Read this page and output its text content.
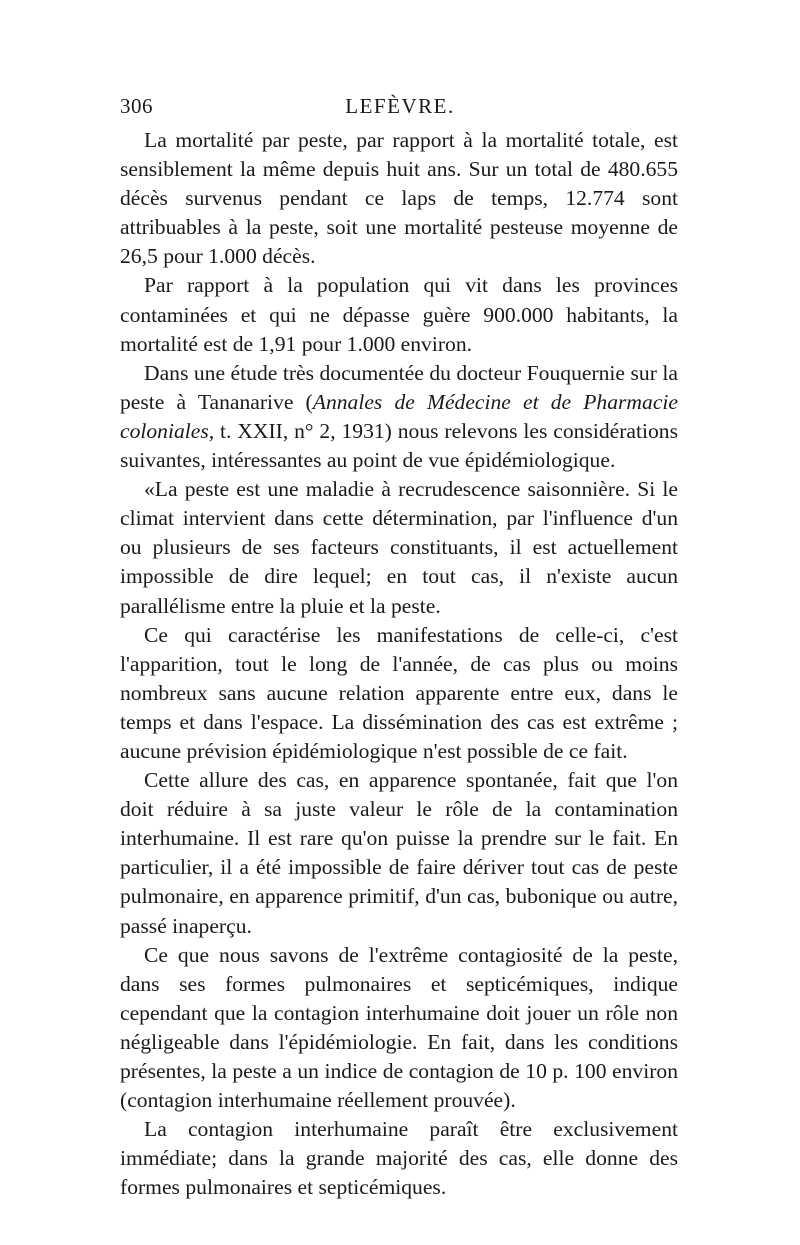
306	LEFÈVRE.

La mortalité par peste, par rapport à la mortalité totale, est sensiblement la même depuis huit ans. Sur un total de 480.655 décès survenus pendant ce laps de temps, 12.774 sont attribuables à la peste, soit une mortalité pesteuse moyenne de 26,5 pour 1.000 décès.

Par rapport à la population qui vit dans les provinces contaminées et qui ne dépasse guère 900.000 habitants, la mortalité est de 1,91 pour 1.000 environ.

Dans une étude très documentée du docteur Fouquernie sur la peste à Tananarive (Annales de Médecine et de Pharmacie coloniales, t. XXII, n° 2, 1931) nous relevons les considérations suivantes, intéressantes au point de vue épidémiologique.

«La peste est une maladie à recrudescence saisonnière. Si le climat intervient dans cette détermination, par l'influence d'un ou plusieurs de ses facteurs constituants, il est actuellement impossible de dire lequel; en tout cas, il n'existe aucun parallélisme entre la pluie et la peste.

Ce qui caractérise les manifestations de celle-ci, c'est l'apparition, tout le long de l'année, de cas plus ou moins nombreux sans aucune relation apparente entre eux, dans le temps et dans l'espace. La dissémination des cas est extrême ; aucune prévision épidémiologique n'est possible de ce fait.

Cette allure des cas, en apparence spontanée, fait que l'on doit réduire à sa juste valeur le rôle de la contamination interhumaine. Il est rare qu'on puisse la prendre sur le fait. En particulier, il a été impossible de faire dériver tout cas de peste pulmonaire, en apparence primitif, d'un cas, bubonique ou autre, passé inaperçu.

Ce que nous savons de l'extrême contagiosité de la peste, dans ses formes pulmonaires et septicémiques, indique cependant que la contagion interhumaine doit jouer un rôle non négligeable dans l'épidémiologie. En fait, dans les conditions présentes, la peste a un indice de contagion de 10 p. 100 environ (contagion interhumaine réellement prouvée).

La contagion interhumaine paraît être exclusivement immédiate; dans la grande majorité des cas, elle donne des formes pulmonaires et septicémiques.
